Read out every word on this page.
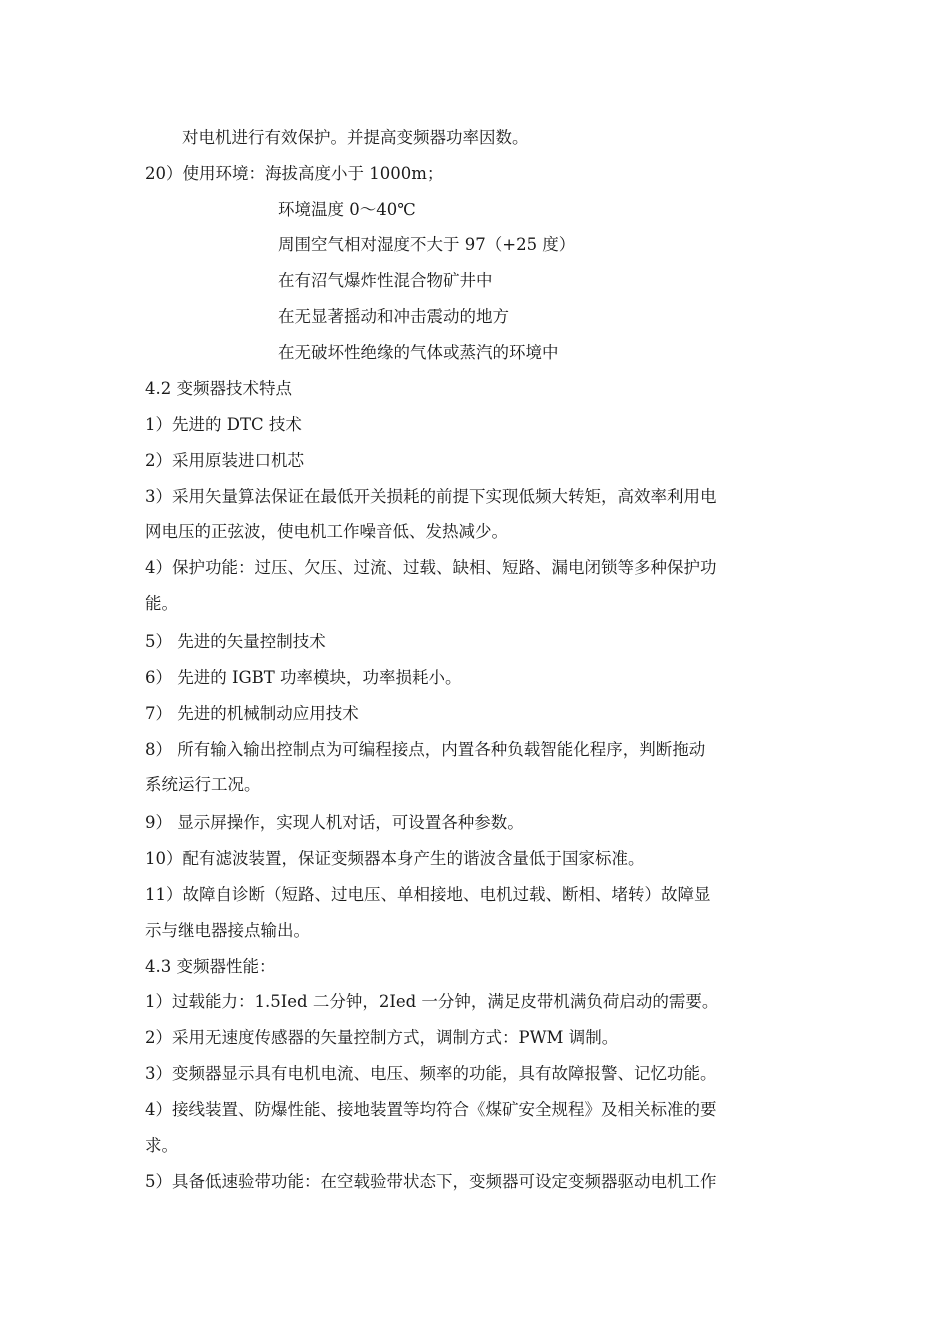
对电机进行有效保护。并提高变频器功率因数。
20）使用环境：海拔高度小于 1000m；
环境温度 0～40℃
周围空气相对湿度不大于 97（+25 度）
在有沼气爆炸性混合物矿井中
在无显著摇动和冲击震动的地方
在无破坏性绝缘的气体或蒸汽的环境中
4.2 变频器技术特点
1）先进的 DTC 技术
2）采用原装进口机芯
3）采用矢量算法保证在最低开关损耗的前提下实现低频大转矩，高效率利用电
网电压的正弦波，使电机工作噪音低、发热减少。
4）保护功能：过压、欠压、过流、过载、缺相、短路、漏电闭锁等多种保护功
能。
5） 先进的矢量控制技术
6） 先进的 IGBT 功率模块，功率损耗小。
7） 先进的机械制动应用技术
8） 所有输入输出控制点为可编程接点，内置各种负载智能化程序，判断拖动
系统运行工况。
9） 显示屏操作，实现人机对话，可设置各种参数。
10）配有滤波装置，保证变频器本身产生的谐波含量低于国家标准。
11）故障自诊断（短路、过电压、单相接地、电机过载、断相、堵转）故障显
示与继电器接点输出。
4.3 变频器性能：
1）过载能力：1.5Ied 二分钟，2Ied 一分钟，满足皮带机满负荷启动的需要。
2）采用无速度传感器的矢量控制方式，调制方式：PWM 调制。
3）变频器显示具有电机电流、电压、频率的功能，具有故障报警、记忆功能。
4）接线装置、防爆性能、接地装置等均符合《煤矿安全规程》及相关标准的要
求。
5）具备低速验带功能：在空载验带状态下，变频器可设定变频器驱动电机工作
